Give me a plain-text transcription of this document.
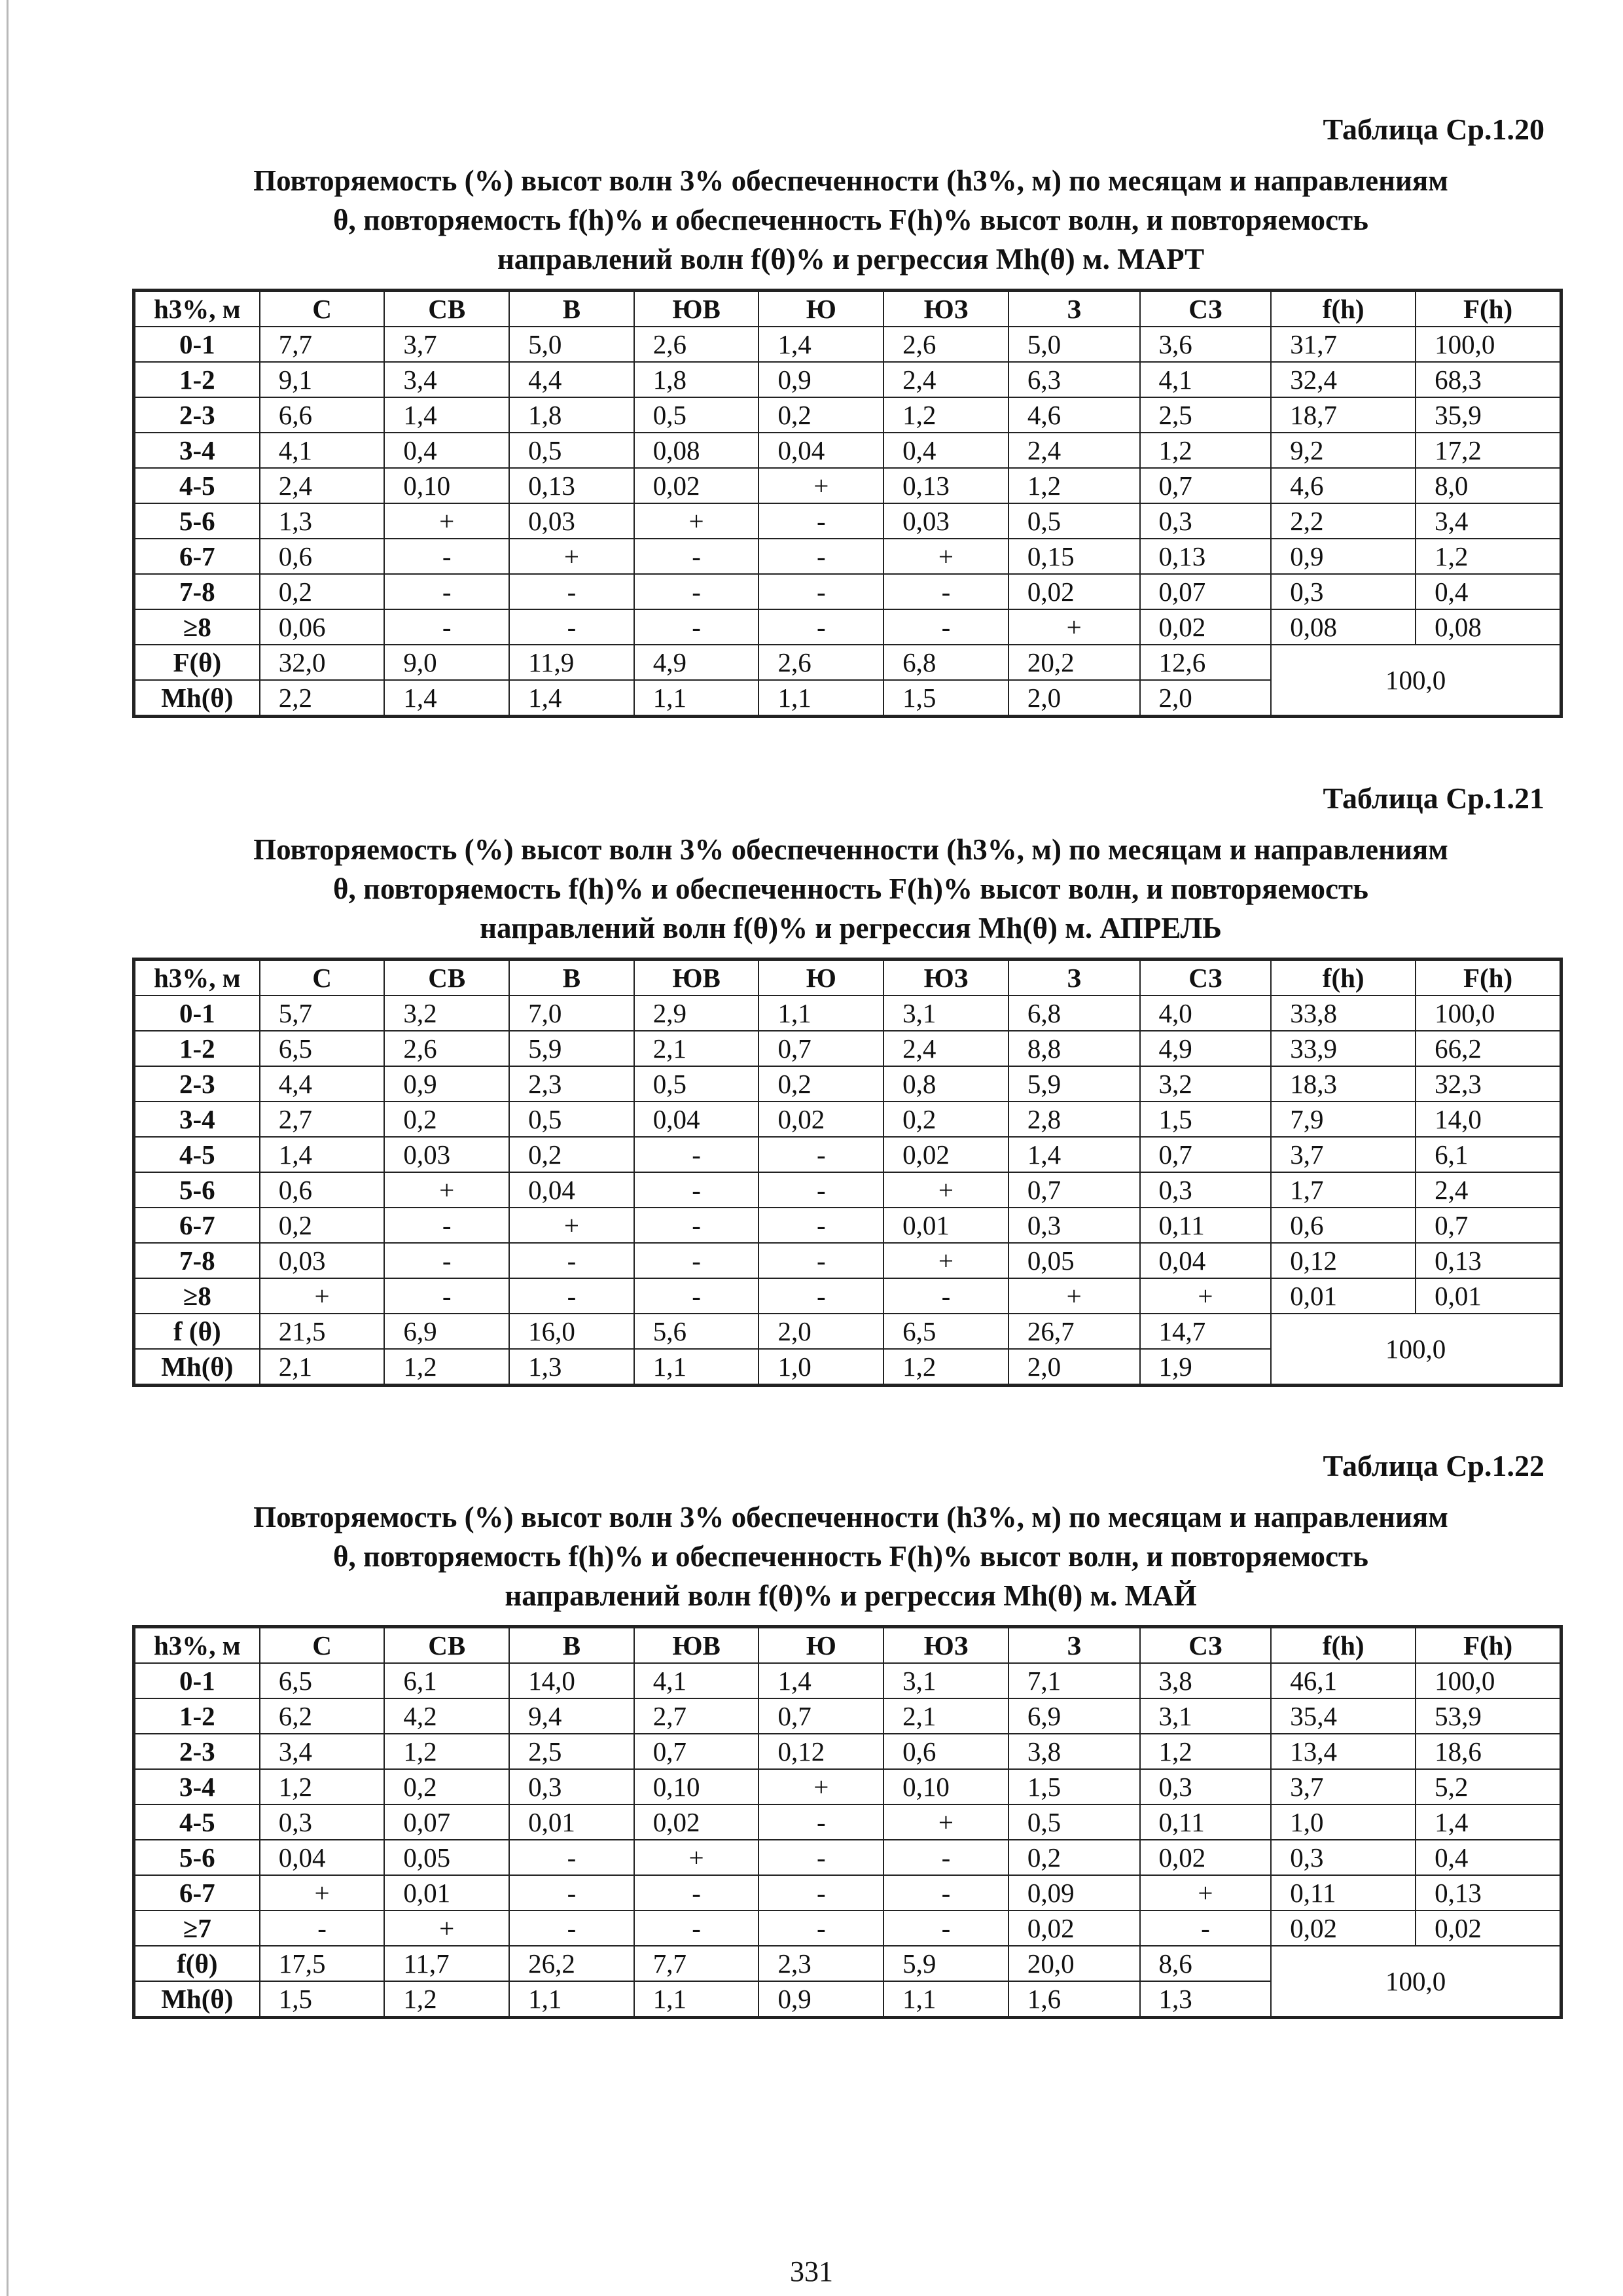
Таблица Ср.1.20
Повторяемость (%) высот волн 3% обеспеченности (h3%, м) по месяцам и направлениям
θ, повторяемость f(h)% и обеспеченность F(h)% высот волн, и повторяемость
направлений волн f(θ)% и регрессия Mh(θ) м. МАРТ
h3%, м	С	СВ	В	ЮВ	Ю	ЮЗ	З	СЗ	f(h)	F(h)
0-1	7,7	3,7	5,0	2,6	1,4	2,6	5,0	3,6	31,7	100,0
1-2	9,1	3,4	4,4	1,8	0,9	2,4	6,3	4,1	32,4	68,3
2-3	6,6	1,4	1,8	0,5	0,2	1,2	4,6	2,5	18,7	35,9
3-4	4,1	0,4	0,5	0,08	0,04	0,4	2,4	1,2	9,2	17,2
4-5	2,4	0,10	0,13	0,02	+	0,13	1,2	0,7	4,6	8,0
5-6	1,3	+	0,03	+	-	0,03	0,5	0,3	2,2	3,4
6-7	0,6	-	+	-	-	+	0,15	0,13	0,9	1,2
7-8	0,2	-	-	-	-	-	0,02	0,07	0,3	0,4
≥8	0,06	-	-	-	-	-	+	0,02	0,08	0,08
F(θ)	32,0	9,0	11,9	4,9	2,6	6,8	20,2	12,6	100,0	
Mh(θ)	2,2	1,4	1,4	1,1	1,1	1,5	2,0	2,0		
Таблица Ср.1.21
Повторяемость (%) высот волн 3% обеспеченности (h3%, м) по месяцам и направлениям
θ, повторяемость f(h)% и обеспеченность F(h)% высот волн, и повторяемость
направлений волн f(θ)% и регрессия Mh(θ) м. АПРЕЛЬ
h3%, м	С	СВ	В	ЮВ	Ю	ЮЗ	З	СЗ	f(h)	F(h)
0-1	5,7	3,2	7,0	2,9	1,1	3,1	6,8	4,0	33,8	100,0
1-2	6,5	2,6	5,9	2,1	0,7	2,4	8,8	4,9	33,9	66,2
2-3	4,4	0,9	2,3	0,5	0,2	0,8	5,9	3,2	18,3	32,3
3-4	2,7	0,2	0,5	0,04	0,02	0,2	2,8	1,5	7,9	14,0
4-5	1,4	0,03	0,2	-	-	0,02	1,4	0,7	3,7	6,1
5-6	0,6	+	0,04	-	-	+	0,7	0,3	1,7	2,4
6-7	0,2	-	+	-	-	0,01	0,3	0,11	0,6	0,7
7-8	0,03	-	-	-	-	+	0,05	0,04	0,12	0,13
≥8	+	-	-	-	-	-	+	+	0,01	0,01
f (θ)	21,5	6,9	16,0	5,6	2,0	6,5	26,7	14,7	100,0	
Mh(θ)	2,1	1,2	1,3	1,1	1,0	1,2	2,0	1,9		
Таблица Ср.1.22
Повторяемость (%) высот волн 3% обеспеченности (h3%, м) по месяцам и направлениям
θ, повторяемость f(h)% и обеспеченность F(h)% высот волн, и повторяемость
направлений волн f(θ)% и регрессия Mh(θ) м. МАЙ
h3%, м	С	СВ	В	ЮВ	Ю	ЮЗ	З	СЗ	f(h)	F(h)
0-1	6,5	6,1	14,0	4,1	1,4	3,1	7,1	3,8	46,1	100,0
1-2	6,2	4,2	9,4	2,7	0,7	2,1	6,9	3,1	35,4	53,9
2-3	3,4	1,2	2,5	0,7	0,12	0,6	3,8	1,2	13,4	18,6
3-4	1,2	0,2	0,3	0,10	+	0,10	1,5	0,3	3,7	5,2
4-5	0,3	0,07	0,01	0,02	-	+	0,5	0,11	1,0	1,4
5-6	0,04	0,05	-	+	-	-	0,2	0,02	0,3	0,4
6-7	+	0,01	-	-	-	-	0,09	+	0,11	0,13
≥7	-	+	-	-	-	-	0,02	-	0,02	0,02
f(θ)	17,5	11,7	26,2	7,7	2,3	5,9	20,0	8,6	100,0	
Mh(θ)	1,5	1,2	1,1	1,1	0,9	1,1	1,6	1,3		
331
